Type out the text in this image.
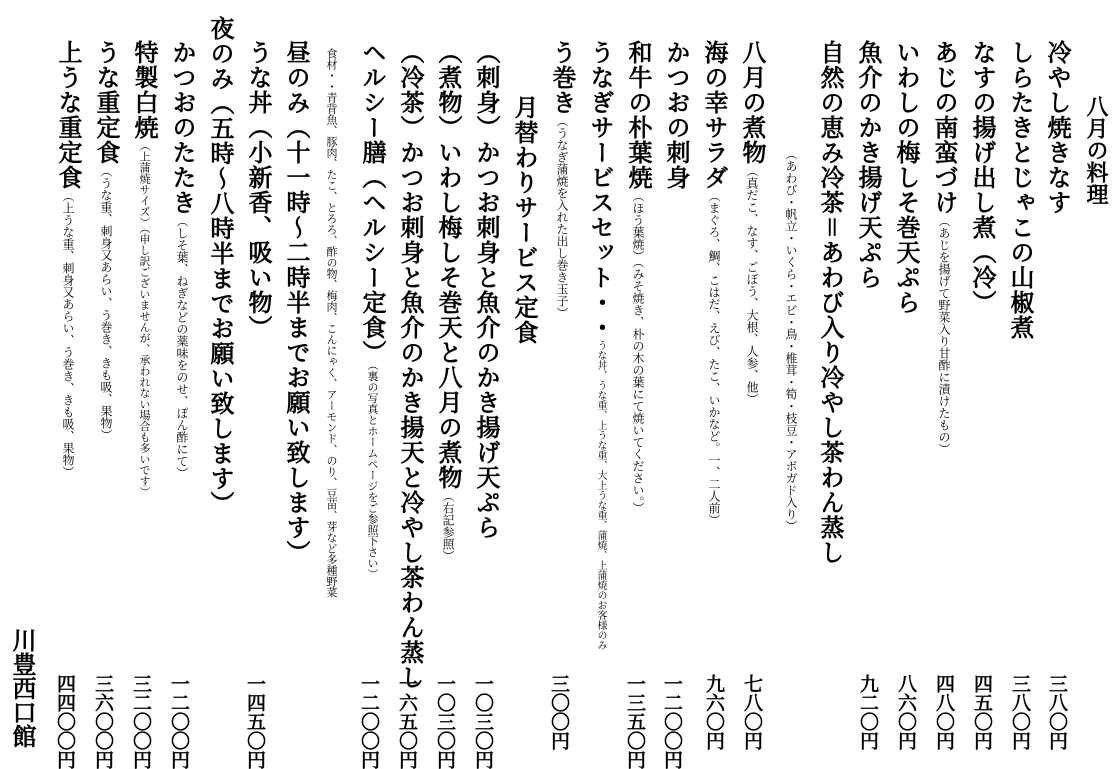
八月の料理
冷やし焼きなす
三八〇円
しらたきとじゃこの山椒煮
三八〇円
なすの揚げ出し煮（冷）
四五〇円
あじの南蛮づけ（あじを揚げて野菜入り甘酢に漬けたもの）
四八〇円
いわしの梅しそ巻天ぷら
八六〇円
魚介のかき揚げ天ぷら
九二〇円
自然の恵み冷茶＝あわび入り冷やし茶わん蒸し
（あわび・帆立・いくら・エビ・鳥・椎茸・筍・枝豆・アボガド入り）
八月の煮物（真だこ、なす、ごぼう、大根、人参、他）
七八〇円
海の幸サラダ（まぐろ、鯛、こはだ、えび、たこ、いかなど。一、二人前）
九六〇円
かつおの刺身
一二〇〇円
和牛の朴葉焼（ほう葉焼）（みそ焼き、朴の木の葉にて焼いてください。）
一三五〇円
うなぎサービスセット・・うな丼、うな重、上うな重、大上うな重、蒲焼、上蒲焼のお客様のみ
う巻き（うなぎ蒲焼を入れた出し巻き玉子）
三〇〇円
月替わりサービス定食
（刺身）かつお刺身と魚介のかき揚げ天ぷら
一〇三〇円
（煮物）いわし梅しそ巻天と八月の煮物（右記参照）
一〇三〇円
（冷茶）かつお刺身と魚介のかき揚天と冷やし茶わん蒸し
一六五〇円
ヘルシー膳（ヘルシー定食）（裏の写真とホームページをご参照下さい）
一二〇〇円
食材・・青背魚、豚肉、たこ、とろろ、酢の物、梅肉、こんにゃく、アーモンド、のり、豆苗、芽など多種野菜
昼のみ（十一時～二時半までお願い致します）
うな丼（小新香、吸い物）
一四五〇円
夜のみ（五時～八時半までお願い致します）
かつおのたたき（しそ葉、ねぎなどの薬味をのせ、ぽん酢にて）
一二〇〇円
特製白焼（上蒲焼サイズ）（申し訳ございませんが、承われない場合も多いです）
三二〇〇円
うな重定食（うな重、刺身又あらい、う巻き、きも吸、果物）
三六〇〇円
上うな重定食（上うな重、刺身又あらい、う巻き、きも吸、果物）
四四〇〇円
川豊西口館
